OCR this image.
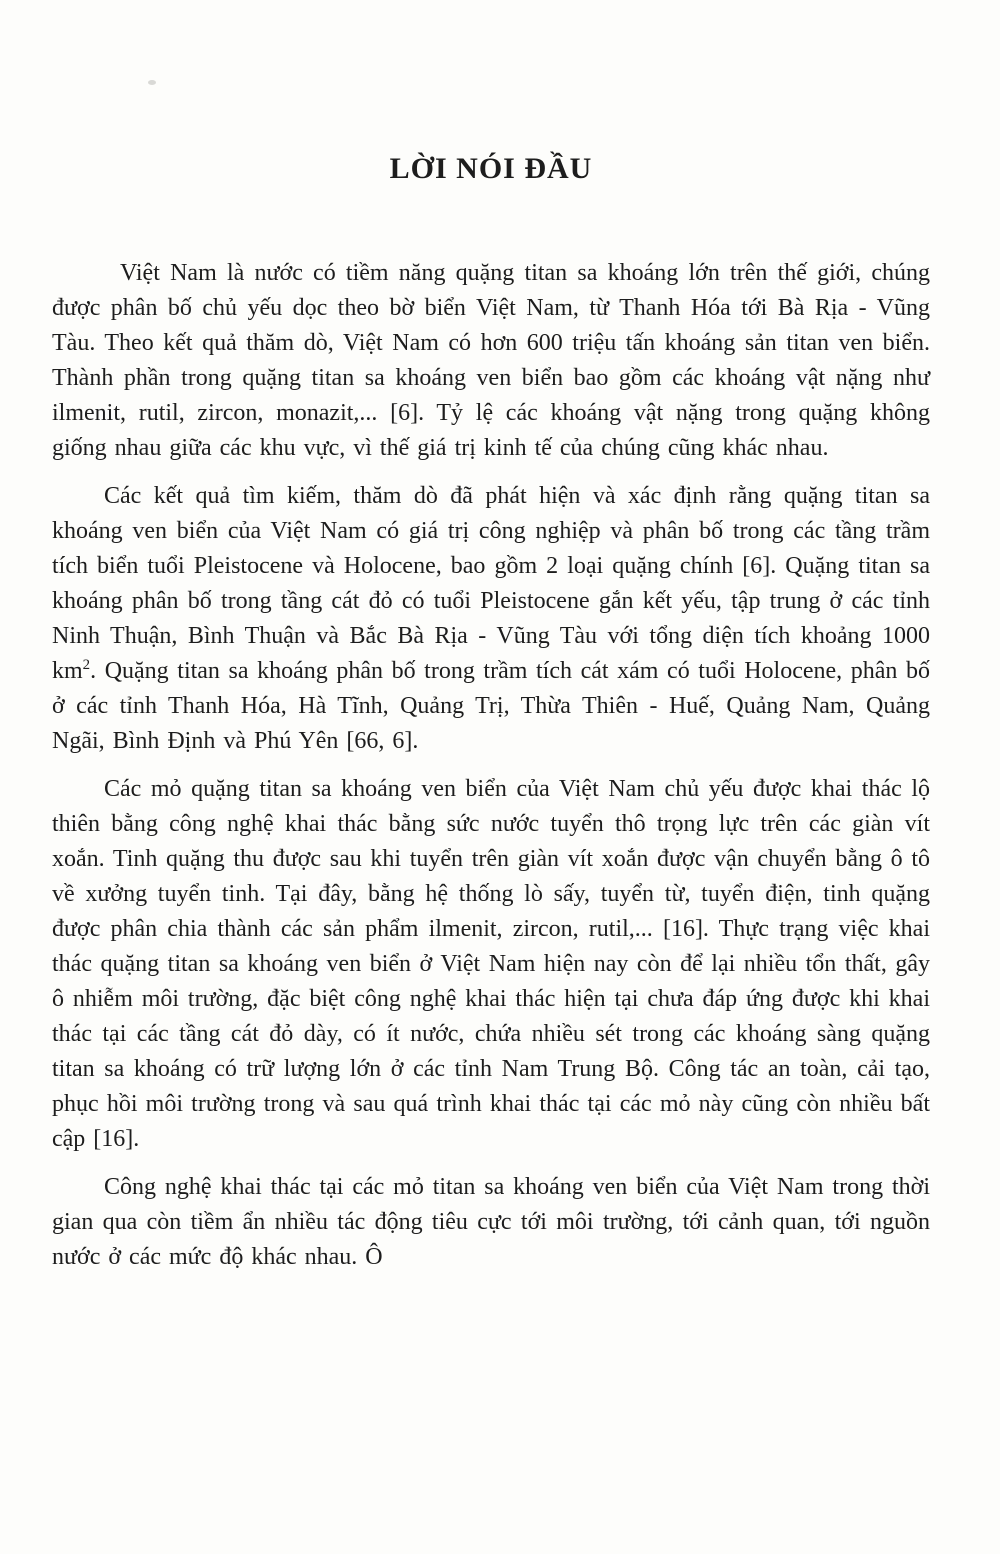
LỜI NÓI ĐẦU

Việt Nam là nước có tiềm năng quặng titan sa khoáng lớn trên thế giới, chúng được phân bố chủ yếu dọc theo bờ biển Việt Nam, từ Thanh Hóa tới Bà Rịa - Vũng Tàu. Theo kết quả thăm dò, Việt Nam có hơn 600 triệu tấn khoáng sản titan ven biển. Thành phần trong quặng titan sa khoáng ven biển bao gồm các khoáng vật nặng như ilmenit, rutil, zircon, monazit,... [6]. Tỷ lệ các khoáng vật nặng trong quặng không giống nhau giữa các khu vực, vì thế giá trị kinh tế của chúng cũng khác nhau.

Các kết quả tìm kiếm, thăm dò đã phát hiện và xác định rằng quặng titan sa khoáng ven biển của Việt Nam có giá trị công nghiệp và phân bố trong các tầng trầm tích biển tuổi Pleistocene và Holocene, bao gồm 2 loại quặng chính [6]. Quặng titan sa khoáng phân bố trong tầng cát đỏ có tuổi Pleistocene gắn kết yếu, tập trung ở các tỉnh Ninh Thuận, Bình Thuận và Bắc Bà Rịa - Vũng Tàu với tổng diện tích khoảng 1000 $km^2$. Quặng titan sa khoáng phân bố trong trầm tích cát xám có tuổi Holocene, phân bố ở các tỉnh Thanh Hóa, Hà Tĩnh, Quảng Trị, Thừa Thiên - Huế, Quảng Nam, Quảng Ngãi, Bình Định và Phú Yên [66, 6].

Các mỏ quặng titan sa khoáng ven biển của Việt Nam chủ yếu được khai thác lộ thiên bằng công nghệ khai thác bằng sức nước tuyển thô trọng lực trên các giàn vít xoắn. Tinh quặng thu được sau khi tuyển trên giàn vít xoắn được vận chuyển bằng ô tô về xưởng tuyển tinh. Tại đây, bằng hệ thống lò sấy, tuyển từ, tuyển điện, tinh quặng được phân chia thành các sản phẩm ilmenit, zircon, rutil,... [16]. Thực trạng việc khai thác quặng titan sa khoáng ven biển ở Việt Nam hiện nay còn để lại nhiều tổn thất, gây ô nhiễm môi trường, đặc biệt công nghệ khai thác hiện tại chưa đáp ứng được khi khai thác tại các tầng cát đỏ dày, có ít nước, chứa nhiều sét trong các khoáng sàng quặng titan sa khoáng có trữ lượng lớn ở các tỉnh Nam Trung Bộ. Công tác an toàn, cải tạo, phục hồi môi trường trong và sau quá trình khai thác tại các mỏ này cũng còn nhiều bất cập [16].

Công nghệ khai thác tại các mỏ titan sa khoáng ven biển của Việt Nam trong thời gian qua còn tiềm ẩn nhiều tác động tiêu cực tới môi trường, tới cảnh quan, tới nguồn nước ở các mức độ khác nhau. Ô
